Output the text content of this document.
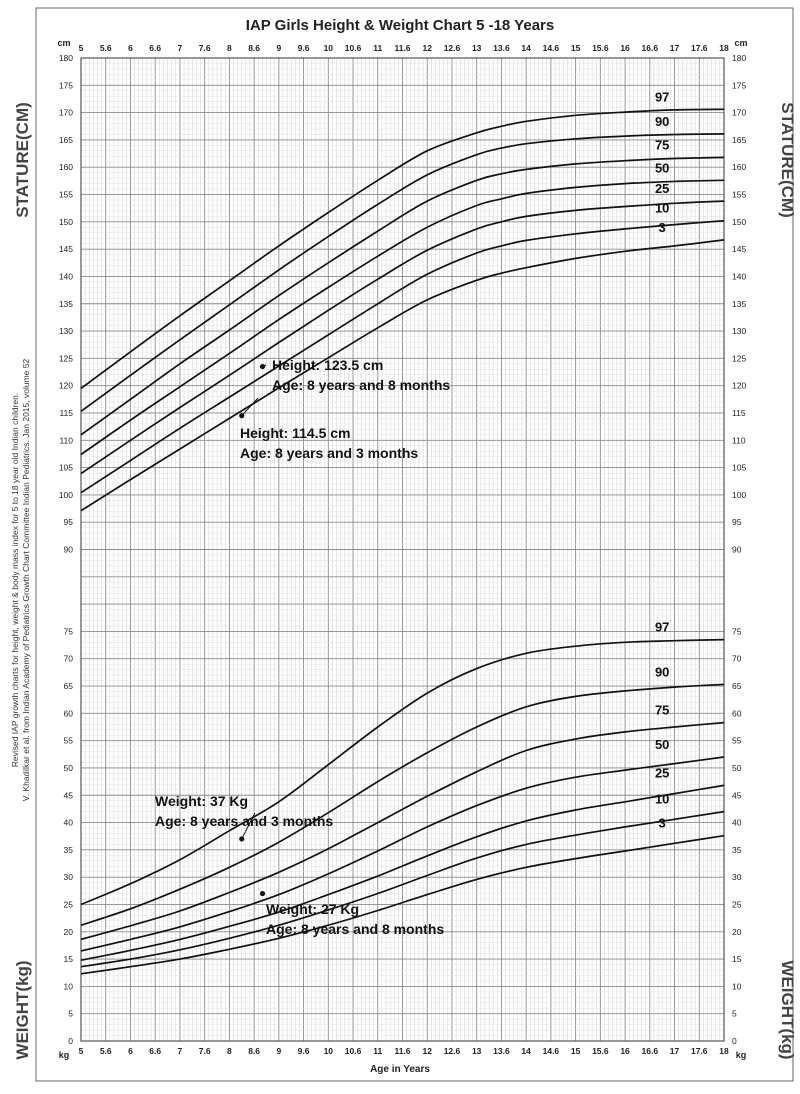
97
90
75
50
25
10
3
97
90
75
50
25
10
3
IAP Girls Height & Weight Chart 5 -18 Years
5
5
5.6
5.6
6
6
6.6
6.6
7
7
7.6
7.6
8
8
8.6
8.6
9
9
9.6
9.6
10
10
10.6
10.6
11
11
11.6
11.6
12
12
12.6
12.6
13
13
13.6
13.6
14
14
14.6
14.6
15
15
15.6
15.6
16
16
16.6
16.6
17
17
17.6
17.6
18
18
Age in Years
cm	cm
kg	kg
180	180
175	175
170	170
165	165
160	160
155	155
150	150
145	145
140	140
135	135
130	130
125	125
120	120
115	115
110	110
105	105
100	100
95	95
90	90
0	0
5	5
10	10
15	15
20	20
25	25
30	30
35	35
40	40
45	45
50	50
55	55
60	60
65	65
70	70
75	75
STATURE(CM)	STATURE(CM)
WEIGHT(kg)	WEIGHT(kg)
Revised IAP growth charts for height, weight & body mass index for 5 to 18 year old Indian children. V. Khadilkar et al. from Indian Academy of Pediatrics Growth Chart Committee Indian Pediatrics. Jan 2015, volume 52	Height: 123.5 cm
Age: 8 years and 8 months
Height: 114.5 cm
Age: 8 years and 3 months
Weight: 37 Kg
Age: 8 years and 3 months
Weight: 27 Kg
Age: 8 years and 8 months
